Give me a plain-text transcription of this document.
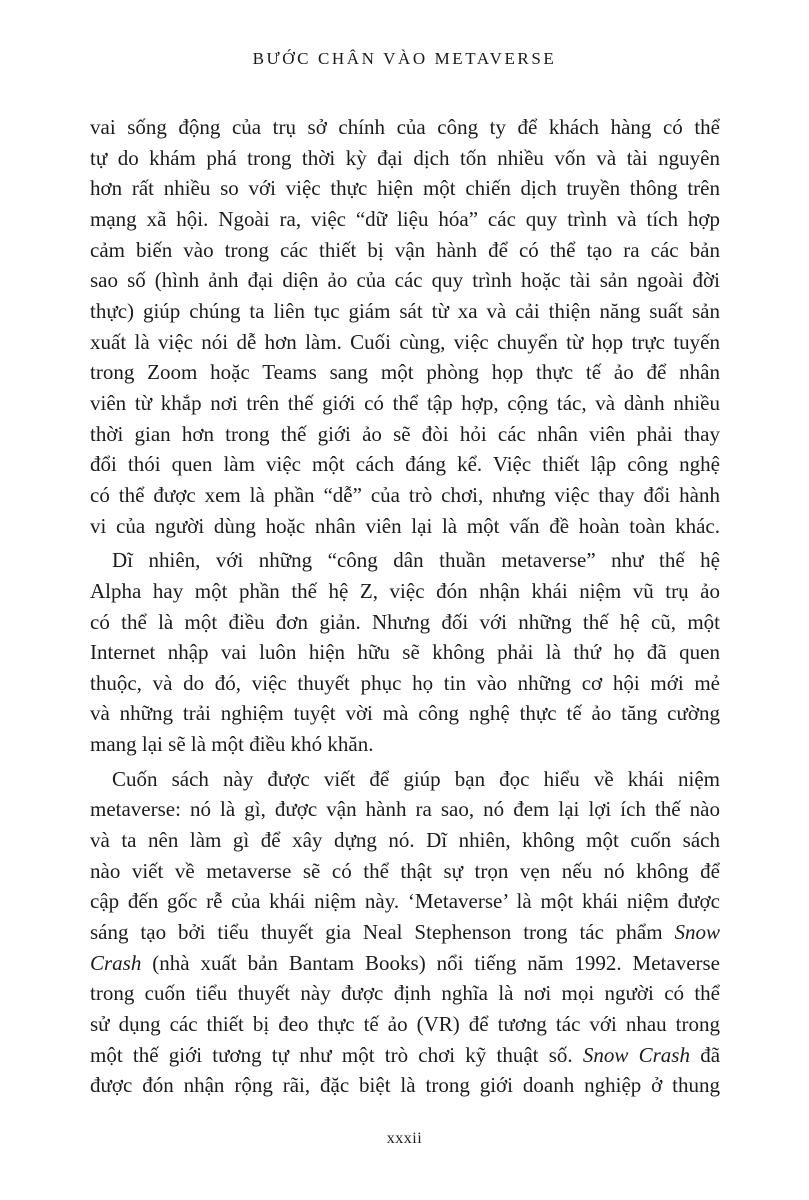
BƯỚC CHÂN VÀO METAVERSE
vai sống động của trụ sở chính của công ty để khách hàng có thể
tự do khám phá trong thời kỳ đại dịch tốn nhiều vốn và tài nguyên
hơn rất nhiều so với việc thực hiện một chiến dịch truyền thông trên
mạng xã hội. Ngoài ra, việc “dữ liệu hóa” các quy trình và tích hợp
cảm biến vào trong các thiết bị vận hành để có thể tạo ra các bản
sao số (hình ảnh đại diện ảo của các quy trình hoặc tài sản ngoài đời
thực) giúp chúng ta liên tục giám sát từ xa và cải thiện năng suất sản
xuất là việc nói dễ hơn làm. Cuối cùng, việc chuyển từ họp trực tuyến
trong Zoom hoặc Teams sang một phòng họp thực tế ảo để nhân
viên từ khắp nơi trên thế giới có thể tập hợp, cộng tác, và dành nhiều
thời gian hơn trong thế giới ảo sẽ đòi hỏi các nhân viên phải thay
đổi thói quen làm việc một cách đáng kể. Việc thiết lập công nghệ
có thể được xem là phần “dễ” của trò chơi, nhưng việc thay đổi hành
vi của người dùng hoặc nhân viên lại là một vấn đề hoàn toàn khác.
Dĩ nhiên, với những “công dân thuần metaverse” như thế hệ
Alpha hay một phần thế hệ Z, việc đón nhận khái niệm vũ trụ ảo
có thể là một điều đơn giản. Nhưng đối với những thế hệ cũ, một
Internet nhập vai luôn hiện hữu sẽ không phải là thứ họ đã quen
thuộc, và do đó, việc thuyết phục họ tin vào những cơ hội mới mẻ
và những trải nghiệm tuyệt vời mà công nghệ thực tế ảo tăng cường
mang lại sẽ là một điều khó khăn.
Cuốn sách này được viết để giúp bạn đọc hiểu về khái niệm
metaverse: nó là gì, được vận hành ra sao, nó đem lại lợi ích thế nào
và ta nên làm gì để xây dựng nó. Dĩ nhiên, không một cuốn sách
nào viết về metaverse sẽ có thể thật sự trọn vẹn nếu nó không để
cập đến gốc rễ của khái niệm này. ‘Metaverse’ là một khái niệm được
sáng tạo bởi tiểu thuyết gia Neal Stephenson trong tác phẩm Snow
Crash (nhà xuất bản Bantam Books) nổi tiếng năm 1992. Metaverse
trong cuốn tiểu thuyết này được định nghĩa là nơi mọi người có thể
sử dụng các thiết bị đeo thực tế ảo (VR) để tương tác với nhau trong
một thế giới tương tự như một trò chơi kỹ thuật số. Snow Crash đã
được đón nhận rộng rãi, đặc biệt là trong giới doanh nghiệp ở thung
xxxii
